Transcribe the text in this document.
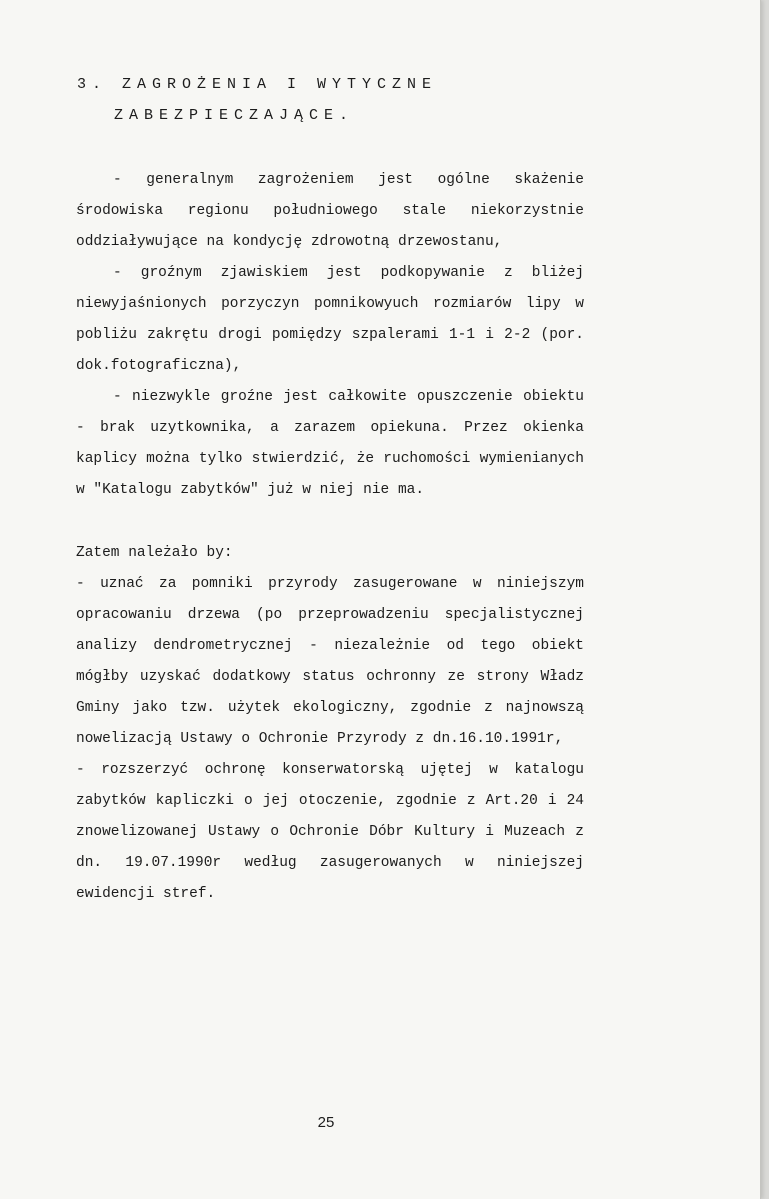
3. ZAGROŻENIA I WYTYCZNE
ZABEZPIECZAJĄCE.

- generalnym zagrożeniem jest ogólne skażenie środowiska regionu południowego stale niekorzystnie oddziaływujące na kondycję zdrowotną drzewostanu,

- groźnym zjawiskiem jest podkopywanie z bliżej niewyjaśnionych porzyczyn pomnikowyuch rozmiarów lipy w pobliżu zakrętu drogi pomiędzy szpalerami 1-1 i 2-2 (por. dok.fotograficzna),

- niezwykle groźne jest całkowite opuszczenie obiektu - brak uzytkownika, a zarazem opiekuna. Przez okienka kaplicy można tylko stwierdzić, że ruchomości wymienianych w "Katalogu zabytków" już w niej nie ma.

Zatem należało by:

- uznać za pomniki przyrody zasugerowane w niniejszym opracowaniu drzewa (po przeprowadzeniu specjalistycznej analizy dendrometrycznej - niezależnie od tego obiekt mógłby uzyskać dodatkowy status ochronny ze strony Władz Gminy jako tzw. użytek ekologiczny, zgodnie z najnowszą nowelizacją Ustawy o Ochronie Przyrody z dn.16.10.1991r,

- rozszerzyć ochronę konserwatorską ujętej w katalogu zabytków kapliczki o jej otoczenie, zgodnie z Art.20 i 24 znowelizowanej Ustawy o Ochronie Dóbr Kultury i Muzeach z dn. 19.07.1990r według zasugerowanych w niniejszej ewidencji stref.

25
